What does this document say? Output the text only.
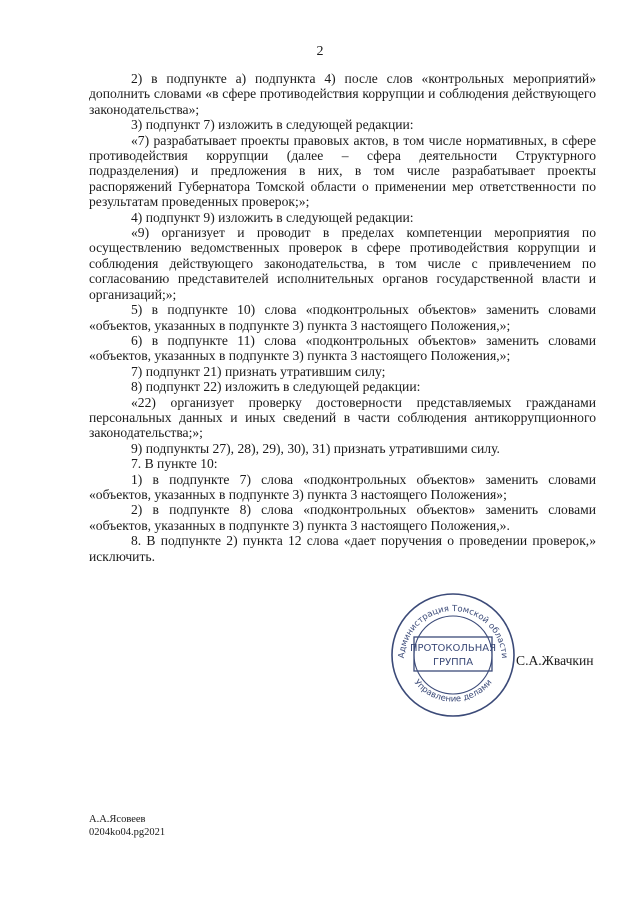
2

2) в подпункте а) подпункта 4) после слов «контрольных мероприятий» дополнить словами «в сфере противодействия коррупции и соблюдения действующего законодательства»;

3) подпункт 7) изложить в следующей редакции:

«7) разрабатывает проекты правовых актов, в том числе нормативных, в сфере противодействия коррупции (далее – сфера деятельности Структурного подразделения) и предложения в них, в том числе разрабатывает проекты распоряжений Губернатора Томской области о применении мер ответственности по результатам проведенных проверок;»;

4) подпункт 9) изложить в следующей редакции:

«9) организует и проводит в пределах компетенции мероприятия по осуществлению ведомственных проверок в сфере противодействия коррупции и соблюдения действующего законодательства, в том числе с привлечением по согласованию представителей исполнительных органов государственной власти и организаций;»;

5) в подпункте 10) слова «подконтрольных объектов» заменить словами «объектов, указанных в подпункте 3) пункта 3 настоящего Положения,»;

6) в подпункте 11) слова «подконтрольных объектов» заменить словами «объектов, указанных в подпункте 3) пункта 3 настоящего Положения,»;

7) подпункт 21) признать утратившим силу;

8) подпункт 22) изложить в следующей редакции:

«22) организует проверку достоверности представляемых гражданами персональных данных и иных сведений в части соблюдения антикоррупционного законодательства;»;

9) подпункты 27), 28), 29), 30), 31) признать утратившими силу.

7. В пункте 10:

1) в подпункте 7) слова «подконтрольных объектов» заменить словами «объектов, указанных в подпункте 3) пункта 3 настоящего Положения»;

2) в подпункте 8) слова «подконтрольных объектов» заменить словами «объектов, указанных в подпункте 3) пункта 3 настоящего Положения,».

8. В подпункте 2) пункта 12 слова «дает поручения о проведении проверок,» исключить.

Администрация Томской области
Управление делами
ПРОТОКОЛЬНАЯ
ГРУППА	С.А.Жвачкин
А.А.Ясовеев
0204ko04.pg2021
